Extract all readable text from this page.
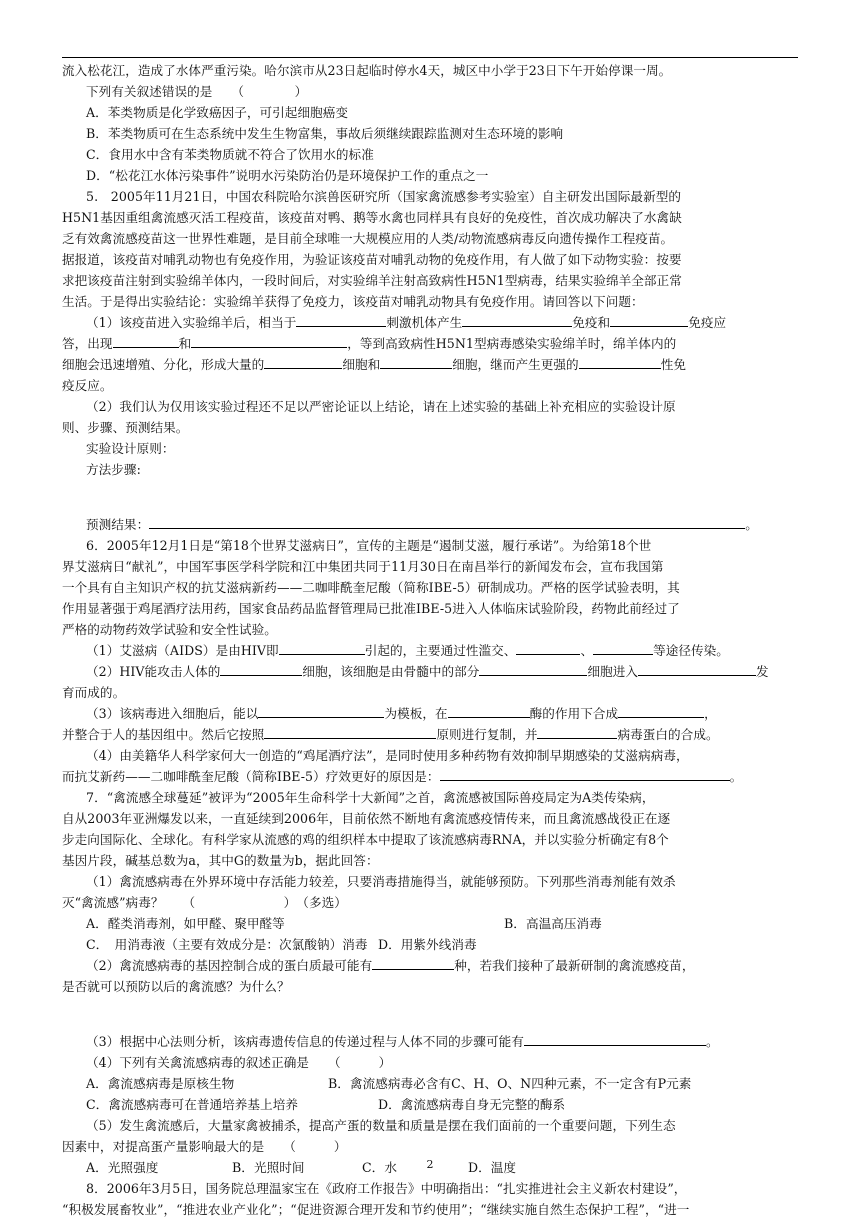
流入松花江，造成了水体严重污染。哈尔滨市从23日起临时停水4天，城区中小学于23日下午开始停课一周。
下列有关叙述错误的是　　（　　　　）
A．苯类物质是化学致癌因子，可引起细胞癌变
B．苯类物质可在生态系统中发生生物富集，事故后须继续跟踪监测对生态环境的影响
C．食用水中含有苯类物质就不符合了饮用水的标准
D．“松花江水体污染事件”说明水污染防治仍是环境保护工作的重点之一
5.　2005年11月21日，中国农科院哈尔滨兽医研究所（国家禽流感参考实验室）自主研发出国际最新型的
H5N1基因重组禽流感灭活工程疫苗，该疫苗对鸭、鹅等水禽也同样具有良好的免疫性，首次成功解决了水禽缺
乏有效禽流感疫苗这一世界性难题，是目前全球唯一大规模应用的人类/动物流感病毒反向遗传操作工程疫苗。
据报道，该疫苗对哺乳动物也有免疫作用，为验证该疫苗对哺乳动物的免疫作用，有人做了如下动物实验：按要
求把该疫苗注射到实验绵羊体内，一段时间后，对实验绵羊注射高致病性H5N1型病毒，结果实验绵羊全部正常
生活。于是得出实验结论：实验绵羊获得了免疫力，该疫苗对哺乳动物具有免疫作用。请回答以下问题：
（1）该疫苗进入实验绵羊后，相当于	刺激机体产生	免疫和	免疫应
答，出现	和	，等到高致病性H5N1型病毒感染实验绵羊时，绵羊体内的
细胞会迅速增殖、分化，形成大量的	细胞和	细胞，继而产生更强的	性免
疫反应。
（2）我们认为仅用该实验过程还不足以严密论证以上结论，请在上述实验的基础上补充相应的实验设计原
则、步骤、预测结果。
实验设计原则：
方法步骤:
预测结果：	。
6．2005年12月1日是“第18个世界艾滋病日”，宣传的主题是“遏制艾滋，履行承诺”。为给第18个世
界艾滋病日“献礼”，中国军事医学科学院和江中集团共同于11月30日在南昌举行的新闻发布会，宣布我国第
一个具有自主知识产权的抗艾滋病新药——二咖啡酰奎尼酸（简称IBE-5）研制成功。严格的医学试验表明，其
作用显著强于鸡尾酒疗法用药，国家食品药品监督管理局已批准IBE-5进入人体临床试验阶段，药物此前经过了
严格的动物药效学试验和安全性试验。
（1）艾滋病（AIDS）是由HIV即	引起的，主要通过性滥交、	、	等途径传染。
（2）HIV能攻击人体的	细胞，该细胞是由骨髓中的部分	细胞进入	发
育而成的。
（3）该病毒进入细胞后，能以	为模板，在	酶的作用下合成	，
并整合于人的基因组中。然后它按照	原则进行复制，并	病毒蛋白的合成。
（4）由美籍华人科学家何大一创造的“鸡尾酒疗法”，是同时使用多种药物有效抑制早期感染的艾滋病病毒，
而抗艾新药——二咖啡酰奎尼酸（简称IBE-5）疗效更好的原因是：	。
7．“禽流感全球蔓延”被评为“2005年生命科学十大新闻”之首，禽流感被国际兽疫局定为A类传染病，
自从2003年亚洲爆发以来，一直延续到2006年，目前依然不断地有禽流感疫情传来，而且禽流感战役正在逐
步走向国际化、全球化。有科学家从流感的鸡的组织样本中提取了该流感病毒RNA，并以实验分析确定有8个
基因片段，碱基总数为a，其中G的数量为b，据此回答：
（1）禽流感病毒在外界环境中存活能力较差，只要消毒措施得当，就能够预防。下列那些消毒剂能有效杀
灭“禽流感”病毒？　　（　　　　　　　）　（多选）
A．醛类消毒剂，如甲醛、聚甲醛等	B．高温高压消毒
C．　用消毒液（主要有效成分是：次氯酸钠）消毒 D．用紫外线消毒
（2）禽流感病毒的基因控制合成的蛋白质最可能有	种，若我们接种了最新研制的禽流感疫苗，
是否就可以预防以后的禽流感？为什么？
（3）根据中心法则分析，该病毒遗传信息的传递过程与人体不同的步骤可能有	。
（4）下列有关禽流感病毒的叙述正确是　　（　　　）
A．禽流感病毒是原核生物	B．禽流感病毒必含有C、H、O、N四种元素，不一定含有P元素
C．禽流感病毒可在普通培养基上培养	D．禽流感病毒自身无完整的酶系
（5）发生禽流感后，大量家禽被捕杀，提高产蛋的数量和质量是摆在我们面前的一个重要问题，下列生态
因素中，对提高蛋产量影响最大的是　　（　　　）
A．光照强度	B．光照时间	C．水	D．温度
8．2006年3月5日，国务院总理温家宝在《政府工作报告》中明确指出：“扎实推进社会主义新农村建设”，
“积极发展畜牧业”，“推进农业产业化”；“促进资源合理开发和节约使用”；“继续实施自然生态保护工程”，“进一
2
